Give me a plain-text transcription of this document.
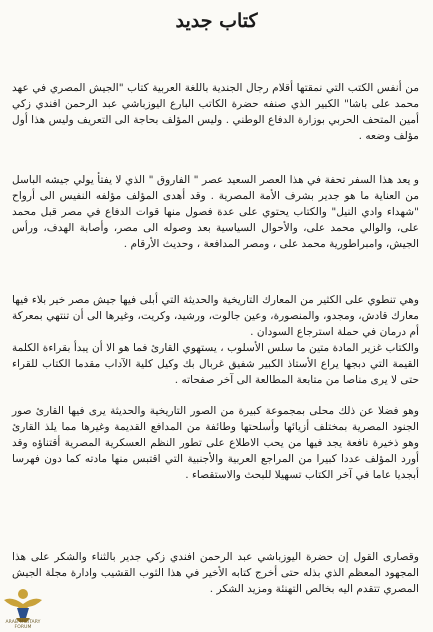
كتاب جديد

من أنفس الكتب التي نمقتها أقلام رجال الجندية باللغة العربية كتاب "الجيش المصري في عهد محمد على باشا" الكبير الذي صنفه حضرة الكاتب البارع اليوزباشي عبد الرحمن افندي زكي أمين المتحف الحربي بوزارة الدفاع الوطني . وليس المؤلف بحاجة الى التعريف وليس هذا أول مؤلف وضعه .

و يعد هذا السفر تحفة في هذا العصر السعيد عصر " الفاروق " الذي لا يفتأ يولي جيشه الباسل من العناية ما هو جدير بشرف الأمة المصرية . وقد أهدى المؤلف مؤلفه النفيس الى أرواح "شهداء وادي النيل" والكتاب يحتوي على عدة فصول منها قوات الدفاع في مصر قبل محمد على، والوالي محمد على، والأحوال السياسية بعد وصوله الى مصر، وأصابة الهدف، ورأس الجيش، وامبراطورية محمد على ، ومصر المدافعة ، وحديث الأرقام .

وهي تنطوي على الكثير من المعارك التاريخية والحديثة التي أبلى فيها جيش مصر خير بلاء فيها معارك قادش، ومجدو، والمنصورة، وعين جالوت، ورشيد، وكريت، وغيرها الى أن تنتهي بمعركة أم درمان في حملة استرجاع السودان .

والكتاب غزير المادة متين ما سلس الأسلوب ، يستهوي القارئ فما هو الا أن يبدأ بقراءة الكلمة القيمة التي دبجها يراع الأستاذ الكبير شفيق غربال بك وكيل كلية الآداب مقدما الكتاب للقراء حتى لا يرى مناصا من متابعة المطالعة الى آخر صفحاته .

وهو فضلا عن ذلك محلى بمجموعة كبيرة من الصور التاريخية والحديثة يرى فيها القارئ صور الجنود المصرية بمختلف أزيائها وأسلحتها وطائفة من المدافع القديمة وغيرها مما يلذ القارئ وهو ذخيرة نافعة يجد فيها من يحب الاطلاع على تطور النظم العسكرية المصرية أقتناؤه وقد أورد المؤلف عددا كبيرا من المراجع العربية والأجنبية التي اقتبس منها مادته كما دون فهرسا أبجديا عاما في آخر الكتاب تسهيلا للبحث والاستقصاء .

وقصارى القول إن حضرة اليوزباشي عبد الرحمن افندي زكي جدير بالثناء والشكر على هذا المجهود المعظم الذي بذله حتى أخرج كتابه الأخير في هذا الثوب القشيب وادارة مجلة الجيش المصري تتقدم اليه بخالص التهنئة ومزيد الشكر .

ARAB MILITARY FORUM
